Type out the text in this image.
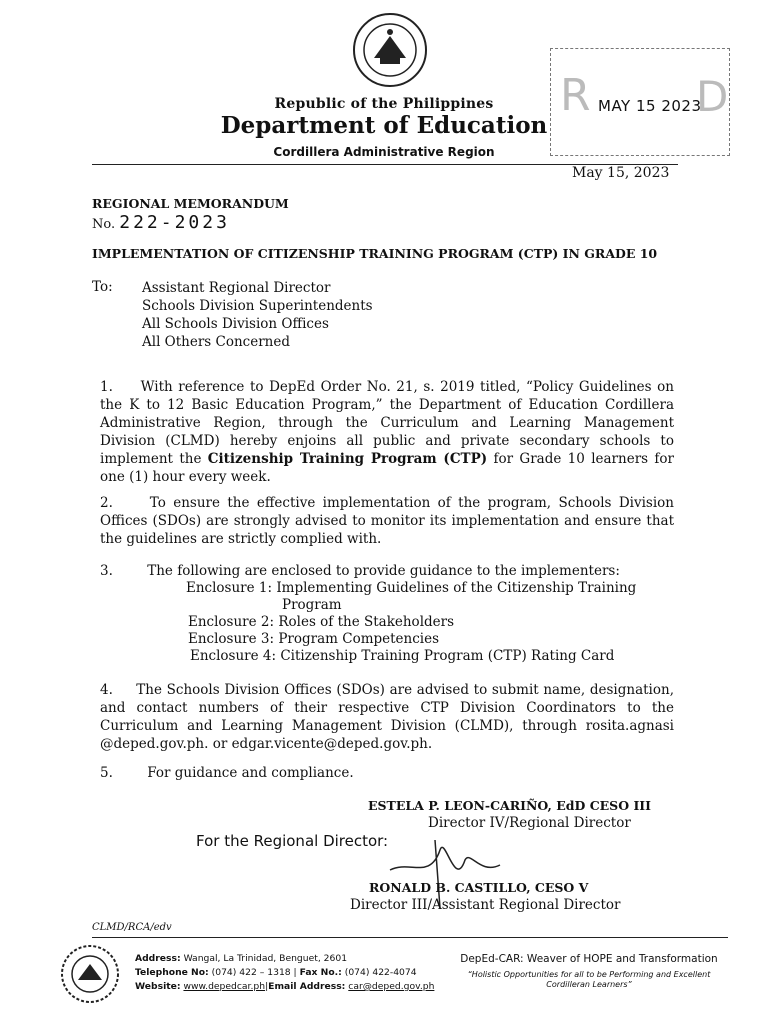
Republic of the Philippines
Department of Education
Cordillera Administrative Region
R	D
MAY 15 2023
May 15, 2023
REGIONAL MEMORANDUM
No. 222-2023
IMPLEMENTATION OF CITIZENSHIP TRAINING PROGRAM (CTP) IN GRADE 10
To: Assistant Regional Director
Schools Division Superintendents
All Schools Division Offices
All Others Concerned
1. With reference to DepEd Order No. 21, s. 2019 titled, “Policy Guidelines on the K to 12 Basic Education Program,” the Department of Education Cordillera Administrative Region, through the Curriculum and Learning Management Division (CLMD) hereby enjoins all public and private secondary schools to implement the Citizenship Training Program (CTP) for Grade 10 learners for one (1) hour every week.
2.	To ensure the effective implementation of the program, Schools Division Offices (SDOs) are strongly advised to monitor its implementation and ensure that the guidelines are strictly complied with.
3.	The following are enclosed to provide guidance to the implementers:
Enclosure 1: Implementing Guidelines of the Citizenship Training
Program
Enclosure 2: Roles of the Stakeholders
Enclosure 3: Program Competencies
Enclosure 4: Citizenship Training Program (CTP) Rating Card
4. The Schools Division Offices (SDOs) are advised to submit name, designation, and contact numbers of their respective CTP Division Coordinators to the Curriculum and Learning Management Division (CLMD), through rosita.agnasi @deped.gov.ph. or edgar.vicente@deped.gov.ph.
5.	For guidance and compliance.
ESTELA P. LEON-CARIÑO, EdD CESO III
Director IV/Regional Director
For the Regional Director:
RONALD B. CASTILLO, CESO V
Director III/Assistant Regional Director
CLMD/RCA/edv
Address: Wangal, La Trinidad, Benguet, 2601
Telephone No: (074) 422 – 1318 | Fax No.: (074) 422-4074
Website: www.depedcar.ph|Email Address: car@deped.gov.ph
DepEd-CAR: Weaver of HOPE and Transformation
“Holistic Opportunities for all to be Performing and Excellent Cordilleran Learners”
